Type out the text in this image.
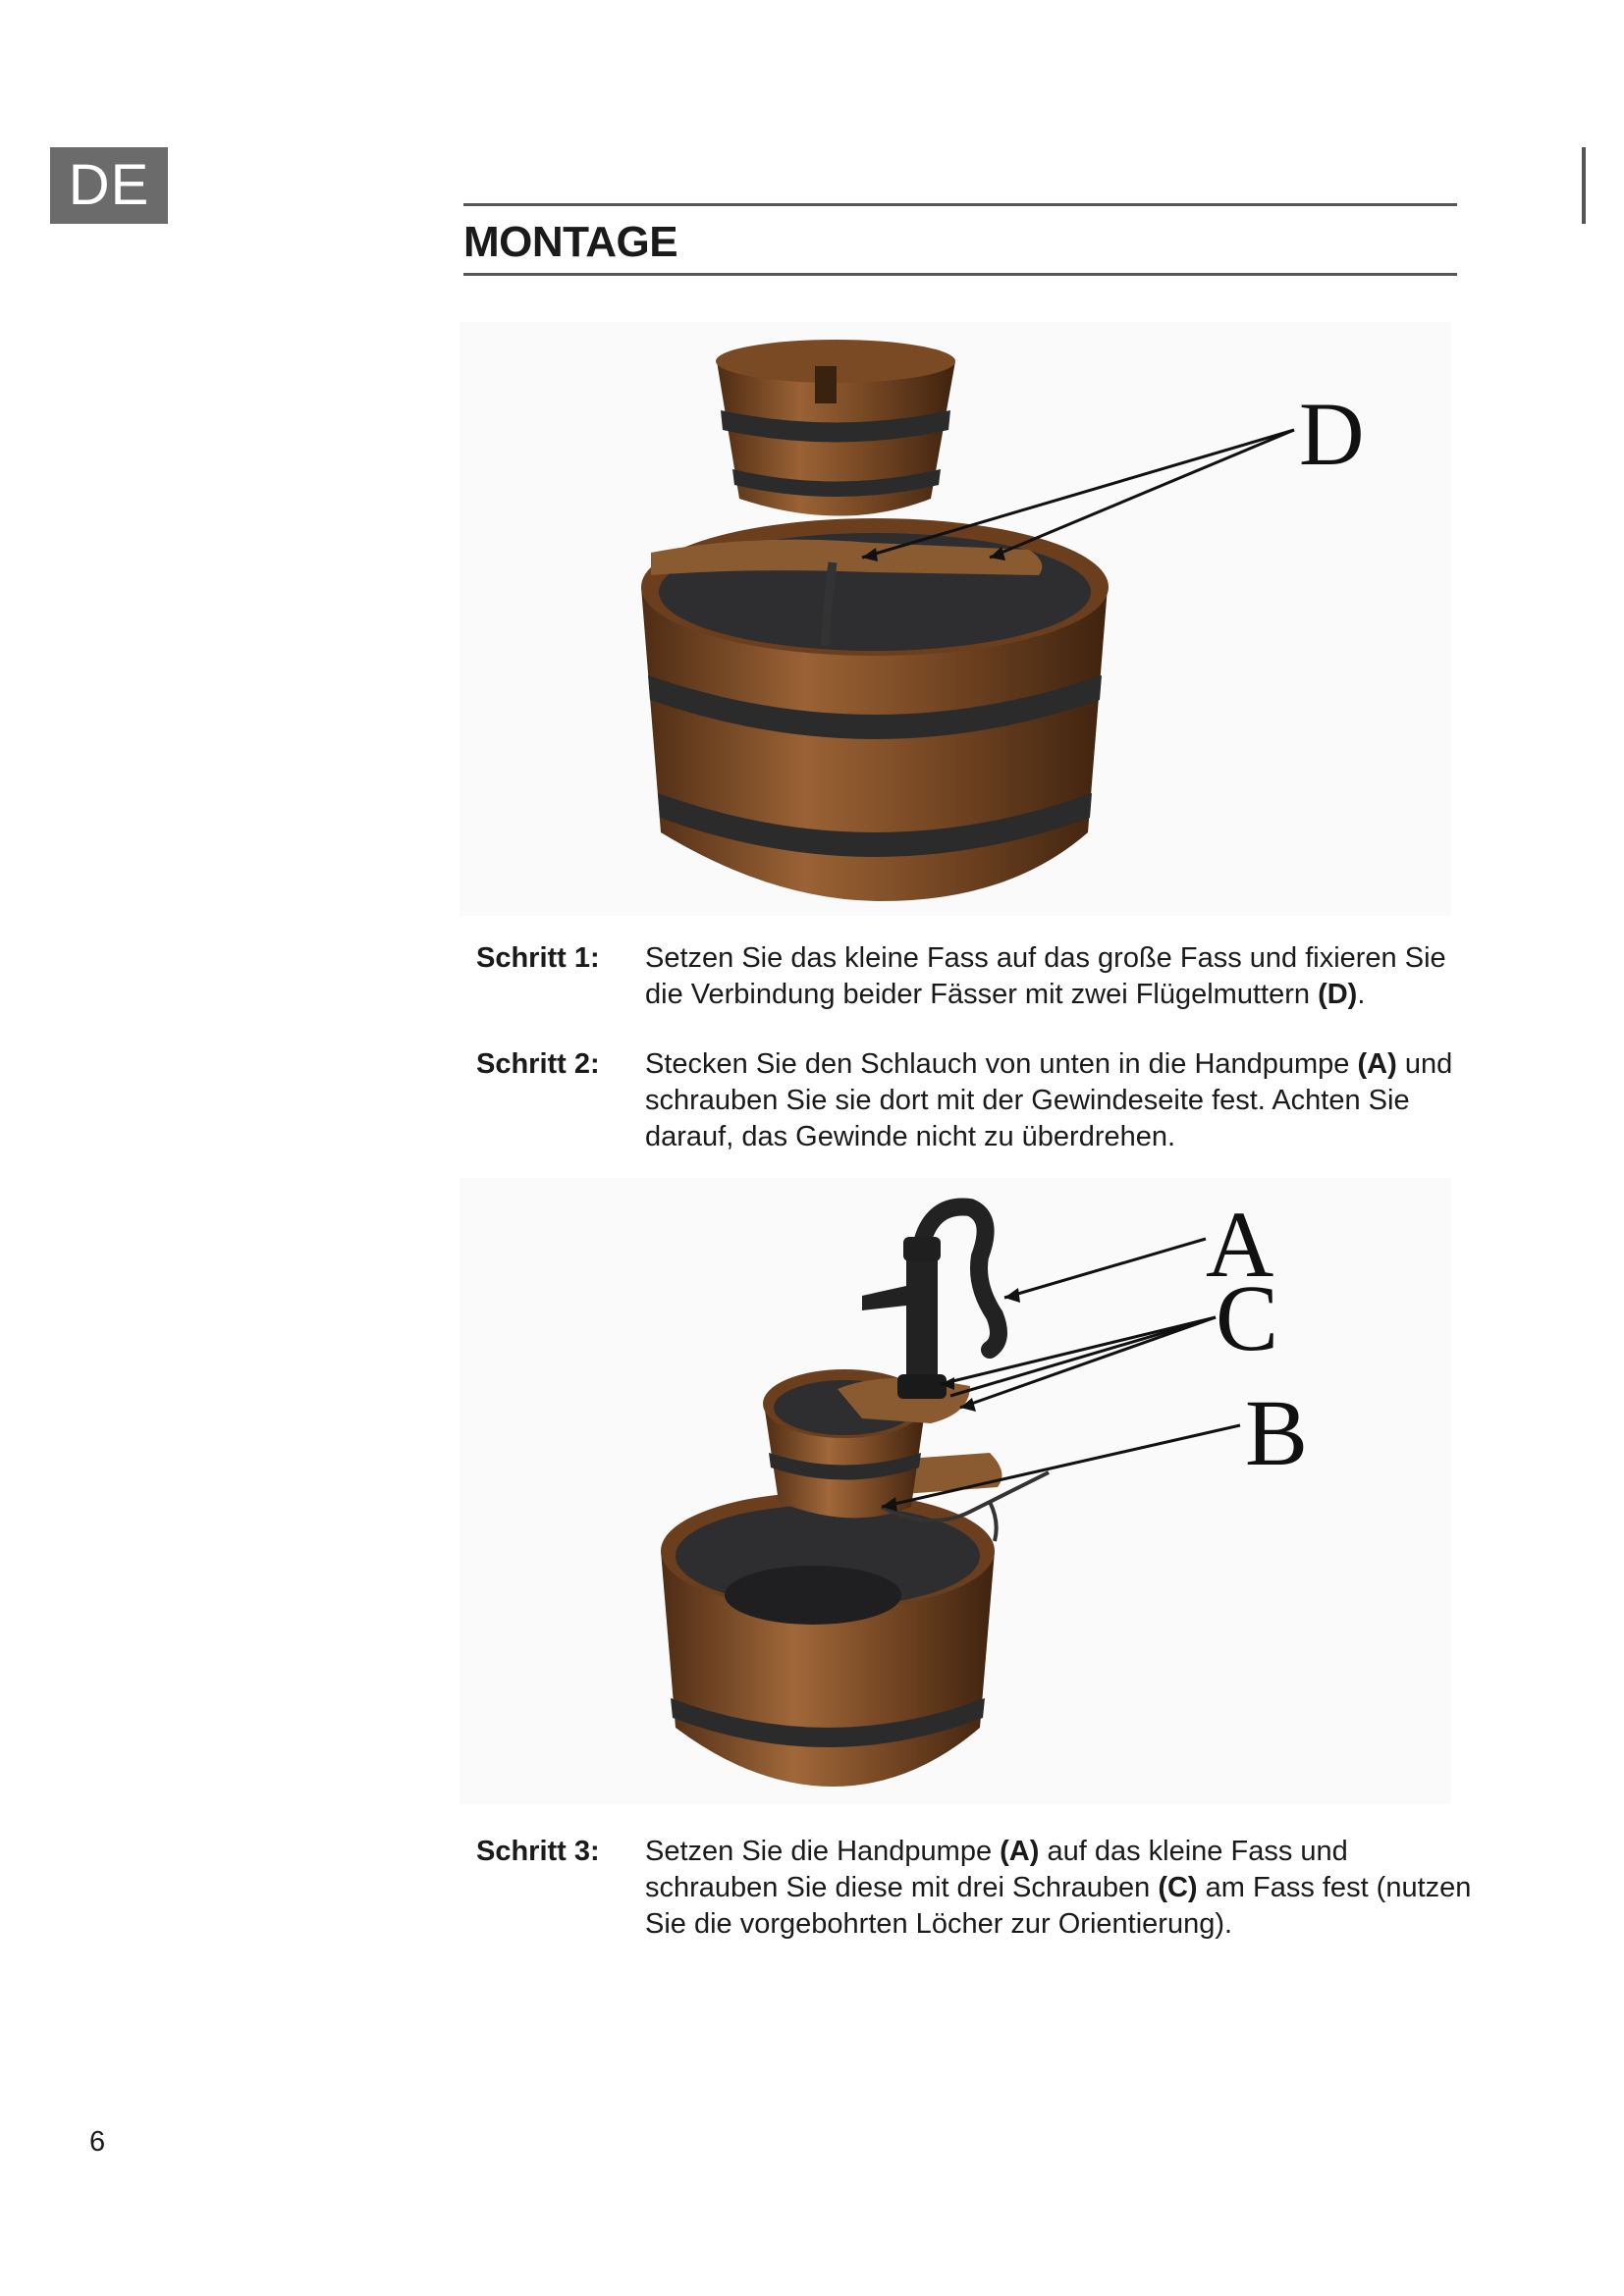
DE
MONTAGE
D
Schritt 1: Setzen Sie das kleine Fass auf das große Fass und fixieren Sie die Verbindung beider Fässer mit zwei Flügelmuttern (D).
Schritt 2: Stecken Sie den Schlauch von unten in die Handpumpe (A) und schrauben Sie sie dort mit der Gewindeseite fest. Achten Sie darauf, das Gewinde nicht zu überdrehen.
A
C
B
Schritt 3: Setzen Sie die Handpumpe (A) auf das kleine Fass und schrauben Sie diese mit drei Schrauben (C) am Fass fest (nutzen Sie die vorgebohrten Löcher zur Orientierung).
6
